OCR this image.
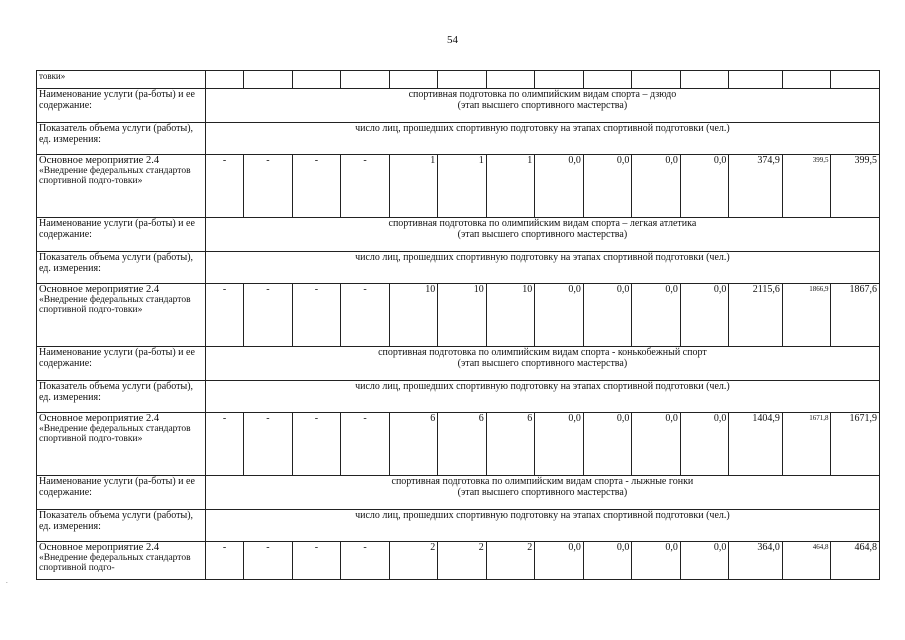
54
товки»														
Наименование услуги (ра-боты) и ее содержание:	спортивная подготовка по олимпийским видам спорта – дзюдо
(этап высшего спортивного мастерства)													

Показатель объема услуги (работы), ед. измерения:	число лиц, прошедших спортивную подготовку на этапах спортивной подготовки (чел.)													

Основное мероприятие 2.4
«Внедрение федеральных стандартов спортивной подго-товки»	-	-	-	-	1	1	1	0,0	0,0	0,0	0,0	374,9	399,5	399,5
Наименование услуги (ра-боты) и ее содержание:	спортивная подготовка по олимпийским видам спорта – легкая атлетика
(этап высшего спортивного мастерства)													

Показатель объема услуги (работы), ед. измерения:	число лиц, прошедших спортивную подготовку на этапах спортивной подготовки (чел.)													

Основное мероприятие 2.4
«Внедрение федеральных стандартов спортивной подго-товки»	-	-	-	-	10	10	10	0,0	0,0	0,0	0,0	2115,6	1866,9	1867,6
Наименование услуги (ра-боты) и ее содержание:	спортивная подготовка по олимпийским видам спорта - конькобежный спорт
(этап высшего спортивного мастерства)													

Показатель объема услуги (работы), ед. измерения:	число лиц, прошедших спортивную подготовку на этапах спортивной подготовки (чел.)													

Основное мероприятие 2.4
«Внедрение федеральных стандартов спортивной подго-товки»	-	-	-	-	6	6	6	0,0	0,0	0,0	0,0	1404,9	1671,8	1671,9
Наименование услуги (ра-боты) и ее содержание:	спортивная подготовка по олимпийским видам спорта - лыжные гонки
(этап высшего спортивного мастерства)													

Показатель объема услуги (работы), ед. измерения:	число лиц, прошедших спортивную подготовку на этапах спортивной подготовки (чел.)													

Основное мероприятие 2.4
«Внедрение федеральных стандартов спортивной подго-	-	-	-	-	2	2	2	0,0	0,0	0,0	0,0	364,0	464,8	464,8
.
